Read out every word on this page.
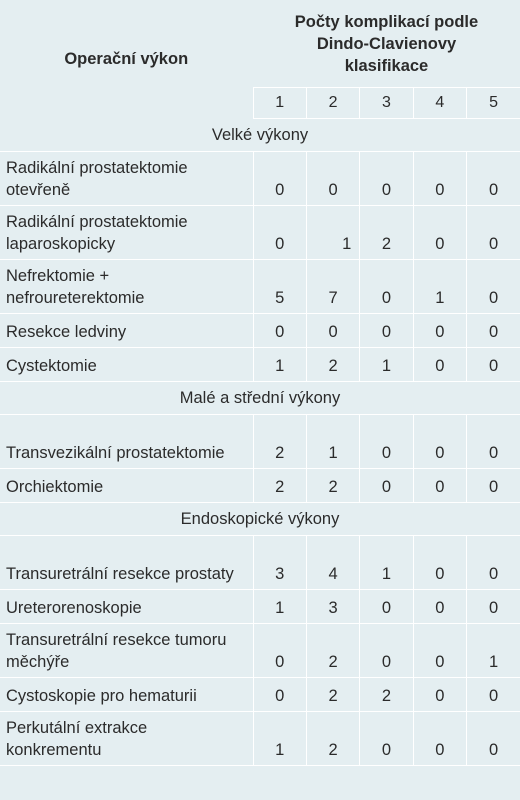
Operační výkon	Počty komplikací podle Dindo-Clavienovy klasifikace				
	1	2	3	4	5
Velké výkony					
Radikální prostatektomie otevřeně	0	0	0	0	0
Radikální prostatektomie laparoskopicky	0	1	2	0	0
Nefrektomie + nefroureterektomie	5	7	0	1	0
Resekce ledviny	0	0	0	0	0
Cystektomie	1	2	1	0	0
Malé a střední výkony					
Transvezikální prostatektomie	2	1	0	0	0
Orchiektomie	2	2	0	0	0
Endoskopické výkony					
Transuretrální resekce prostaty	3	4	1	0	0
Ureterorenoskopie	1	3	0	0	0
Transuretrální resekce tumoru měchýře	0	2	0	0	1
Cystoskopie pro hematurii	0	2	2	0	0
Perkutální extrakce konkrementu	1	2	0	0	0
